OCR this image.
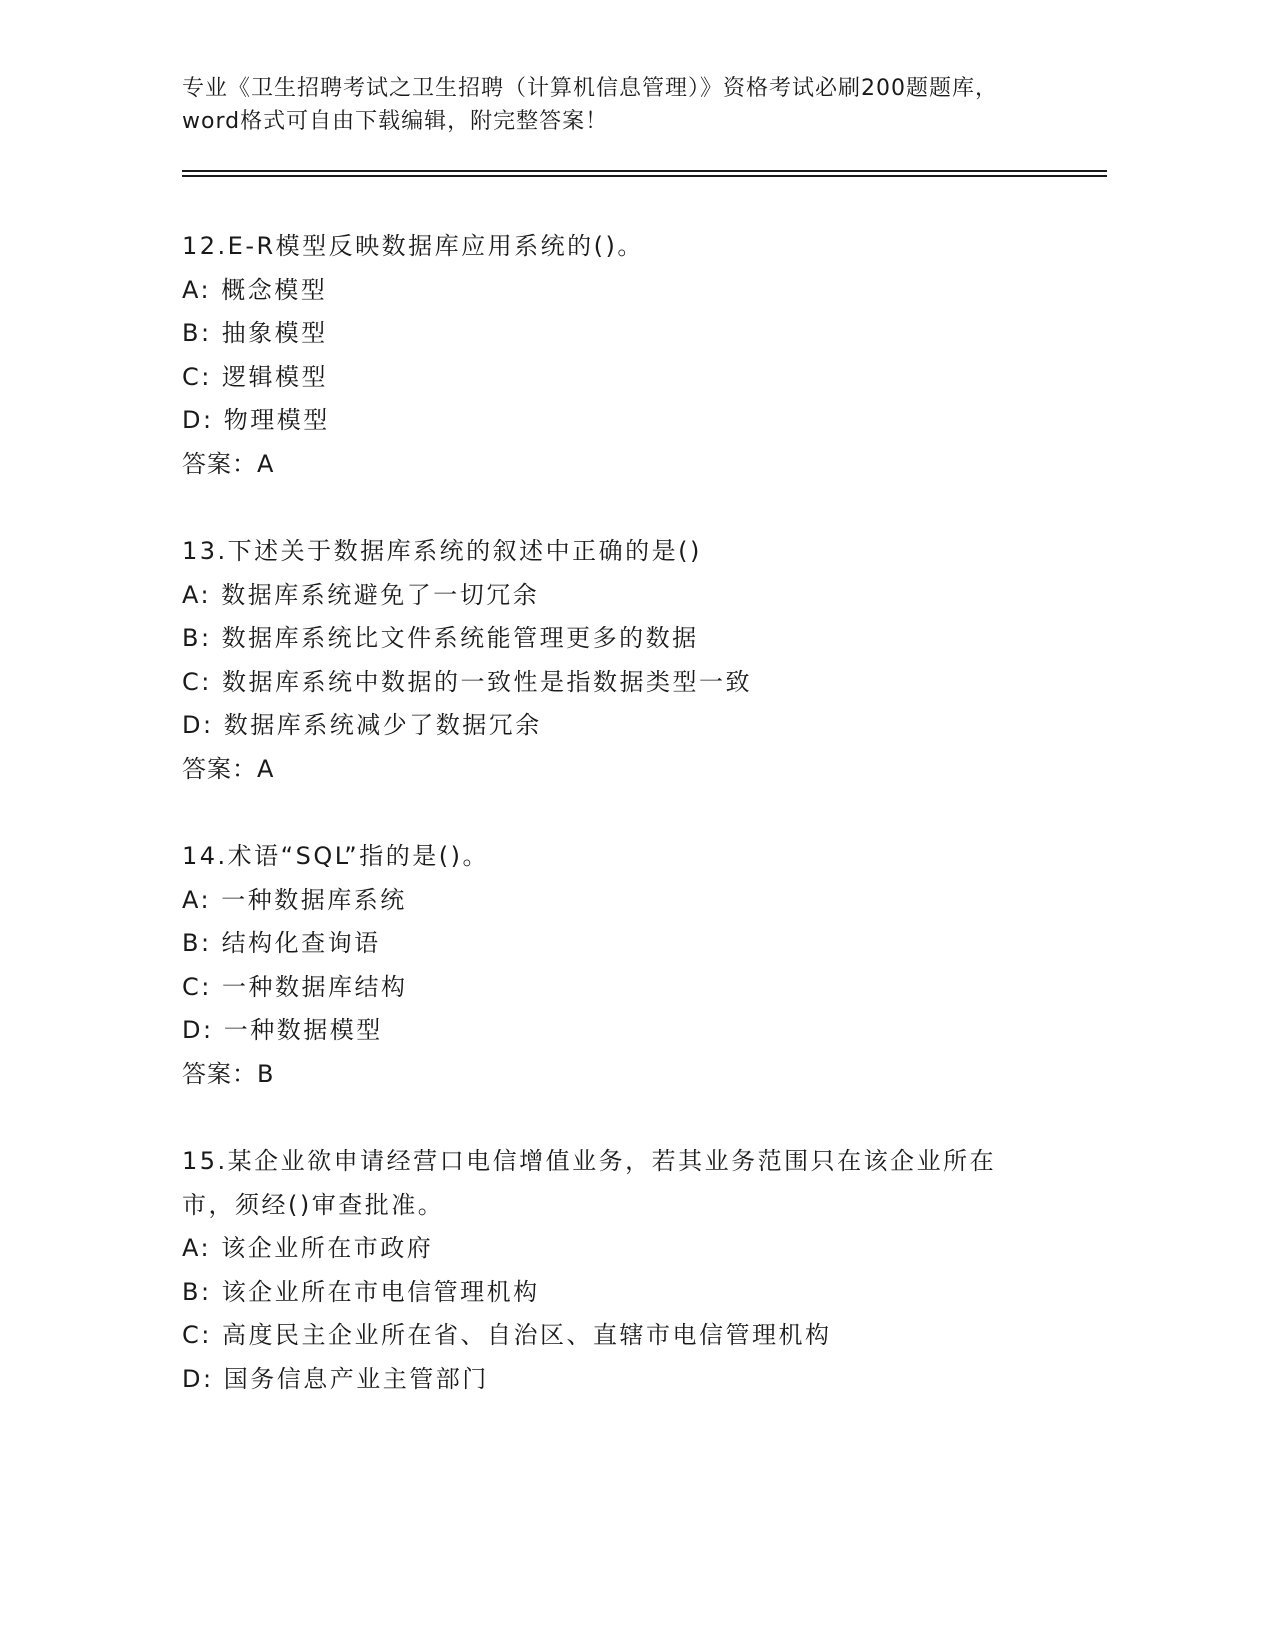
专业《卫生招聘考试之卫生招聘（计算机信息管理）》资格考试必刷200题题库，
word格式可自由下载编辑，附完整答案！
12.E-R模型反映数据库应用系统的()。
A: 概念模型
B: 抽象模型
C: 逻辑模型
D: 物理模型
答案：A
13.下述关于数据库系统的叙述中正确的是()
A: 数据库系统避免了一切冗余
B: 数据库系统比文件系统能管理更多的数据
C: 数据库系统中数据的一致性是指数据类型一致
D: 数据库系统减少了数据冗余
答案：A
14.术语“SQL”指的是()。
A: 一种数据库系统
B: 结构化查询语
C: 一种数据库结构
D: 一种数据模型
答案：B
15.某企业欲申请经营口电信增值业务，若其业务范围只在该企业所在
市，须经()审查批准。
A: 该企业所在市政府
B: 该企业所在市电信管理机构
C: 高度民主企业所在省、自治区、直辖市电信管理机构
D: 国务信息产业主管部门
